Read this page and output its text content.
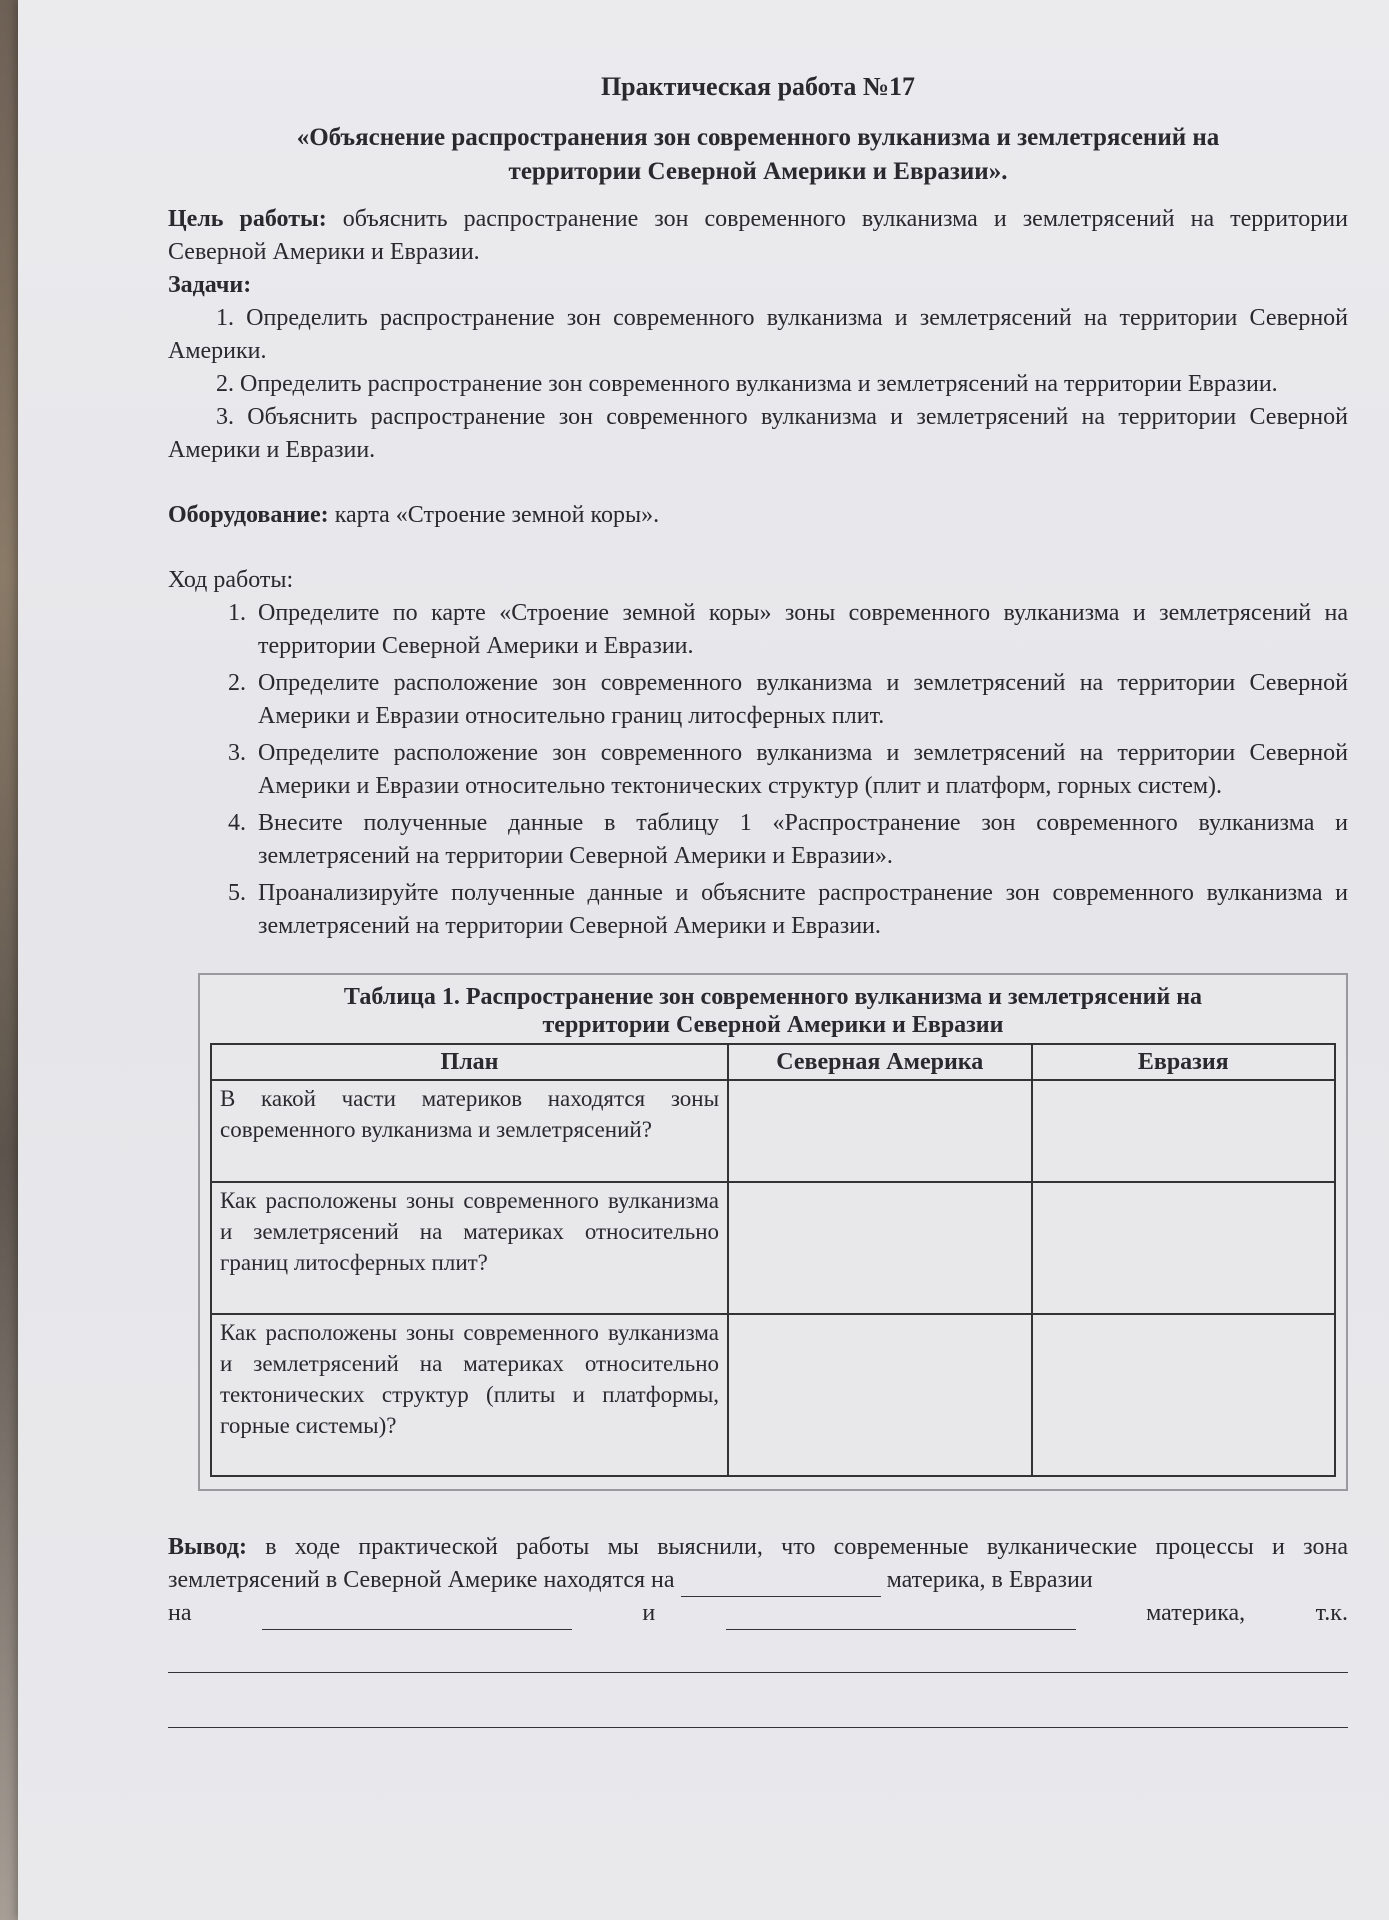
Практическая работа №17
«Объяснение распространения зон современного вулканизма и землетрясений на
территории Северной Америки и Евразии».

Цель работы: объяснить распространение зон современного вулканизма и землетрясений на территории Северной Америки и Евразии.

Задачи:

1. Определить распространение зон современного вулканизма и землетрясений на территории Северной Америки.

2. Определить распространение зон современного вулканизма и землетрясений на территории Евразии.

3. Объяснить распространение зон современного вулканизма и землетрясений на территории Северной Америки и Евразии.

Оборудование: карта «Строение земной коры».

Ход работы:
1. Определите по карте «Строение земной коры» зоны современного вулканизма и землетрясений на территории Северной Америки и Евразии.
2. Определите расположение зон современного вулканизма и землетрясений на территории Северной Америки и Евразии относительно границ литосферных плит.
3. Определите расположение зон современного вулканизма и землетрясений на территории Северной Америки и Евразии относительно тектонических структур (плит и платформ, горных систем).
4. Внесите полученные данные в таблицу 1 «Распространение зон современного вулканизма и землетрясений на территории Северной Америки и Евразии».
5. Проанализируйте полученные данные и объясните распространение зон современного вулканизма и землетрясений на территории Северной Америки и Евразии.
Таблица 1. Распространение зон современного вулканизма и землетрясений на
территории Северной Америки и Евразии
План	Северная Америка	Евразия
В какой части материков находятся зоны современного вулканизма и землетрясений?		
Как расположены зоны современного вулканизма и землетрясений на материках относительно границ литосферных плит?		
Как расположены зоны современного вулканизма и землетрясений на материках относительно тектонических структур (плиты и платформы, горные системы)?		
Вывод: в ходе практической работы мы выяснили, что современные вулканические процессы и зона землетрясений в Северной Америке находятся на	материка, в Евразии
на	и	материка,	т.к.
